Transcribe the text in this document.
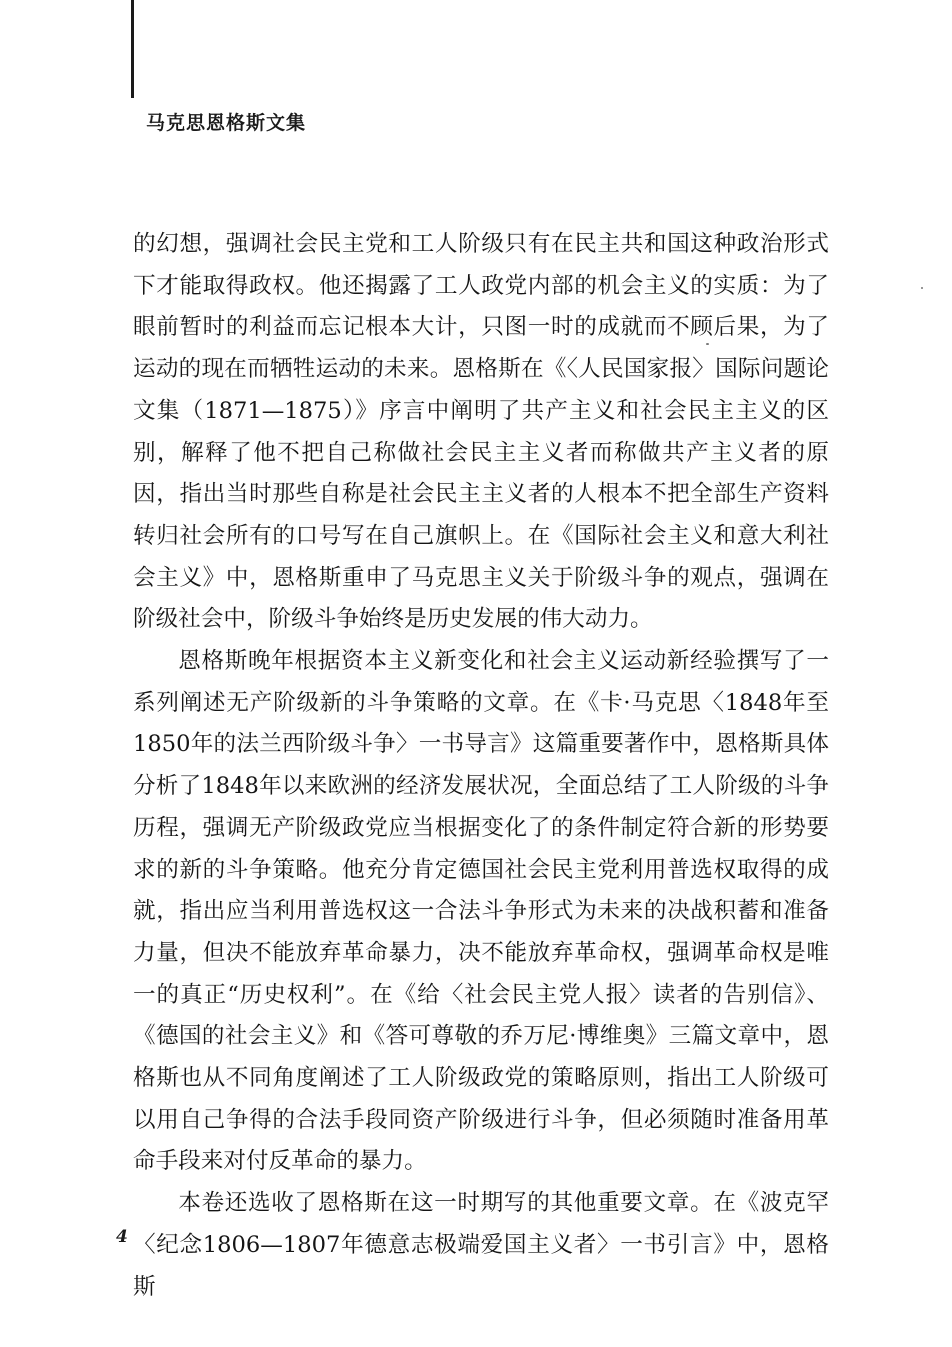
马克思恩格斯文集

的幻想，强调社会民主党和工人阶级只有在民主共和国这种政治形式下才能取得政权。他还揭露了工人政党内部的机会主义的实质：为了眼前暂时的利益而忘记根本大计，只图一时的成就而不顾后果，为了运动的现在而牺牲运动的未来。恩格斯在《〈人民国家报〉国际问题论文集（1871—1875）》序言中阐明了共产主义和社会民主主义的区别，解释了他不把自己称做社会民主主义者而称做共产主义者的原因，指出当时那些自称是社会民主主义者的人根本不把全部生产资料转归社会所有的口号写在自己旗帜上。在《国际社会主义和意大利社会主义》中，恩格斯重申了马克思主义关于阶级斗争的观点，强调在阶级社会中，阶级斗争始终是历史发展的伟大动力。

恩格斯晚年根据资本主义新变化和社会主义运动新经验撰写了一系列阐述无产阶级新的斗争策略的文章。在《卡·马克思〈1848年至1850年的法兰西阶级斗争〉一书导言》这篇重要著作中，恩格斯具体分析了1848年以来欧洲的经济发展状况，全面总结了工人阶级的斗争历程，强调无产阶级政党应当根据变化了的条件制定符合新的形势要求的新的斗争策略。他充分肯定德国社会民主党利用普选权取得的成就，指出应当利用普选权这一合法斗争形式为未来的决战积蓄和准备力量，但决不能放弃革命暴力，决不能放弃革命权，强调革命权是唯一的真正“历史权利”。在《给〈社会民主党人报〉读者的告别信》、《德国的社会主义》和《答可尊敬的乔万尼·博维奥》三篇文章中，恩格斯也从不同角度阐述了工人阶级政党的策略原则，指出工人阶级可以用自己争得的合法手段同资产阶级进行斗争，但必须随时准备用革命手段来对付反革命的暴力。

本卷还选收了恩格斯在这一时期写的其他重要文章。在《波克罕〈纪念1806—1807年德意志极端爱国主义者〉一书引言》中，恩格斯

4
